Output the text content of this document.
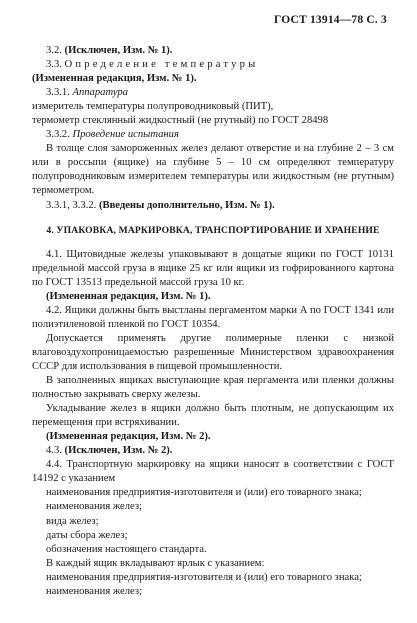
ГОСТ 13914—78 С. 3

3.2. (Исключен, Изм. № 1).

3.3. Определение температуры

(Измененная редакция, Изм. № 1).

3.3.1. Аппаратура

измеритель температуры полупроводниковый (ПИТ),

термометр стеклянный жидкостный (не ртутный) по ГОСТ 28498

3.3.2. Проведение испытания

В толще слоя замороженных желез делают отверстие и на глубине 2 – 3 см или в россыпи (ящике) на глубине 5 – 10 см определяют температуру полупроводниковым измерителем температуры или жидкостным (не ртутным) термометром.

3.3.1, 3.3.2. (Введены дополнительно, Изм. № 1).

4. УПАКОВКА, МАРКИРОВКА, ТРАНСПОРТИРОВАНИЕ И ХРАНЕНИЕ

4.1. Щитовидные железы упаковывают в дощатые ящики по ГОСТ 10131 предельной массой груза в ящике 25 кг или ящики из гофрированного картона по ГОСТ 13513 предельной массой груза 10 кг.

(Измененная редакция, Изм. № 1).

4.2. Ящики должны быть выстланы пергаментом марки А по ГОСТ 1341 или полиэтиленовой пленкой по ГОСТ 10354.

Допускается применять другие полимерные пленки с низкой влаговоздухопроницаемостью разрешенные Министерством здравоохранения СССР для использования в пищевой промышленности.

В заполненных ящиках выступающие края пергамента или пленки должны полностью закрывать сверху железы.

Укладывание желез в ящики должно быть плотным, не допускающим их перемещения при встряхивании.

(Измененная редакция, Изм. № 2).

4.3. (Исключен, Изм. № 2).

4.4. Транспортную маркировку на ящики наносят в соответствии с ГОСТ 14192 с указанием

наименования предприятия-изготовителя и (или) его товарного знака;

наименования желез;

вида желез;

даты сбора желез;

обозначения настоящего стандарта.

В каждый ящик вкладывают ярлык с указанием:

наименования предприятия-изготовителя и (или) его товарного знака;

наименования желез;
